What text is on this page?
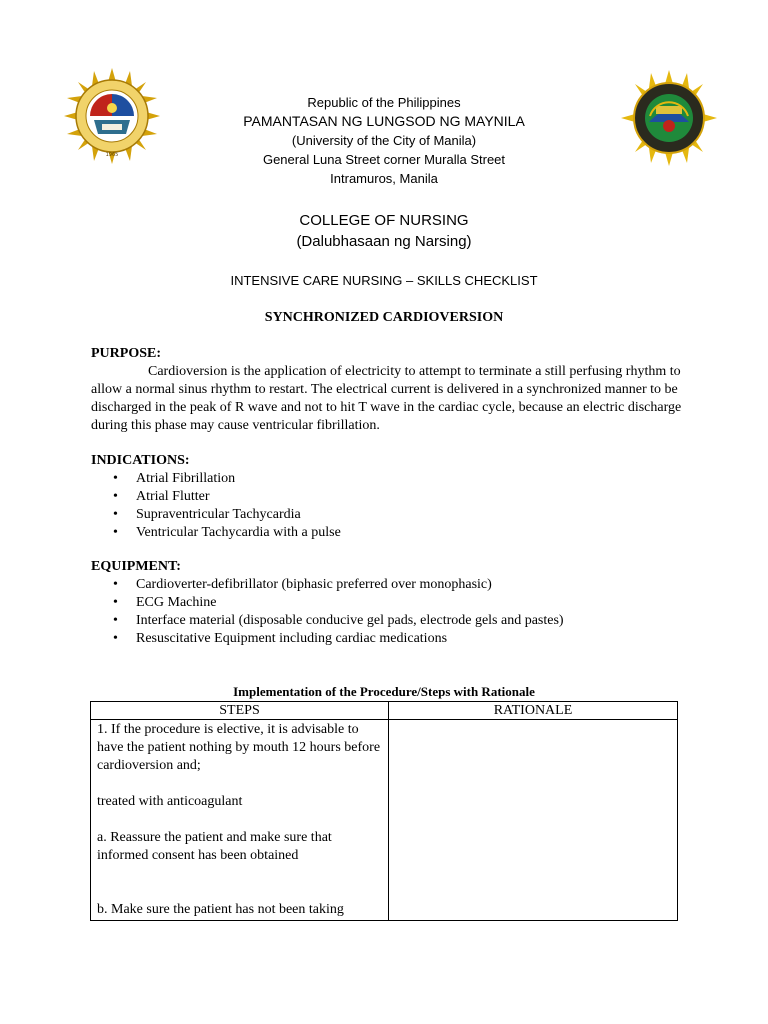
1965

Republic of the Philippines

PAMANTASAN NG LUNGSOD NG MAYNILA

(University of the City of Manila)

General Luna Street corner Muralla Street

Intramuros, Manila

COLLEGE OF NURSING
(Dalubhasaan ng Narsing)
INTENSIVE CARE NURSING – SKILLS CHECKLIST
SYNCHRONIZED CARDIOVERSION
PURPOSE:

Cardioversion is the application of electricity to attempt to terminate a still perfusing rhythm to allow a normal sinus rhythm to restart. The electrical current is delivered in a synchronized manner to be discharged in the peak of R wave and not to hit T wave in the cardiac cycle, because an electric discharge during this phase may cause ventricular fibrillation.

INDICATIONS:
• Atrial Fibrillation
• Atrial Flutter
• Supraventricular Tachycardia
• Ventricular Tachycardia with a pulse
EQUIPMENT:
• Cardioverter-defibrillator (biphasic preferred over monophasic)
• ECG Machine
• Interface material (disposable conducive gel pads, electrode gels and pastes)
• Resuscitative Equipment including cardiac medications
Implementation of the Procedure/Steps with Rationale
STEPS	RATIONALE

1. If the procedure is elective, it is advisable to have the patient nothing by mouth 12 hours before cardioversion and;

treated with anticoagulant

a. Reassure the patient and make sure that informed consent has been obtained

b. Make sure the patient has not been taking	
